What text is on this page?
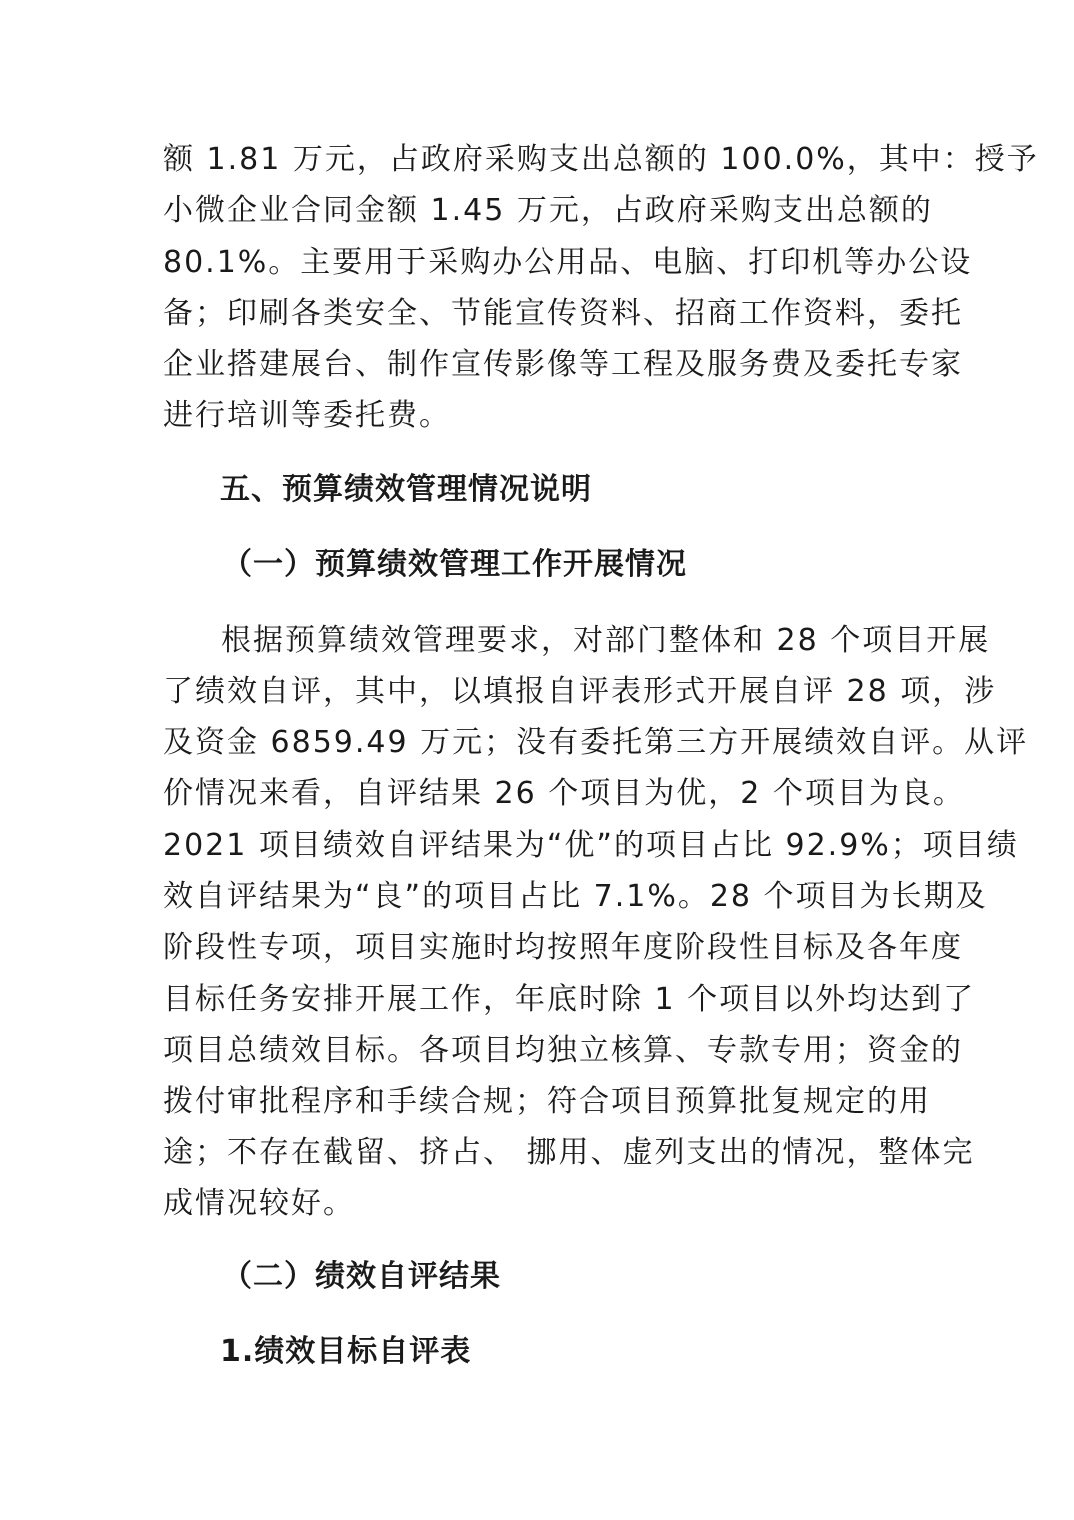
额 1.81 万元，占政府采购支出总额的 100.0%，其中：授予
小微企业合同金额 1.45 万元，占政府采购支出总额的
80.1%。主要用于采购办公用品、电脑、打印机等办公设
备；印刷各类安全、节能宣传资料、招商工作资料，委托
企业搭建展台、制作宣传影像等工程及服务费及委托专家
进行培训等委托费。
五、预算绩效管理情况说明
（一）预算绩效管理工作开展情况
根据预算绩效管理要求，对部门整体和 28 个项目开展
了绩效自评，其中，以填报自评表形式开展自评 28 项，涉
及资金 6859.49 万元；没有委托第三方开展绩效自评。从评
价情况来看，自评结果 26 个项目为优，2 个项目为良。
2021 项目绩效自评结果为“优”的项目占比 92.9%；项目绩
效自评结果为“良”的项目占比 7.1%。28 个项目为长期及
阶段性专项，项目实施时均按照年度阶段性目标及各年度
目标任务安排开展工作，年底时除 1 个项目以外均达到了
项目总绩效目标。各项目均独立核算、专款专用；资金的
拨付审批程序和手续合规；符合项目预算批复规定的用
途；不存在截留、挤占、 挪用、虚列支出的情况，整体完
成情况较好。
（二）绩效自评结果
1.绩效目标自评表
